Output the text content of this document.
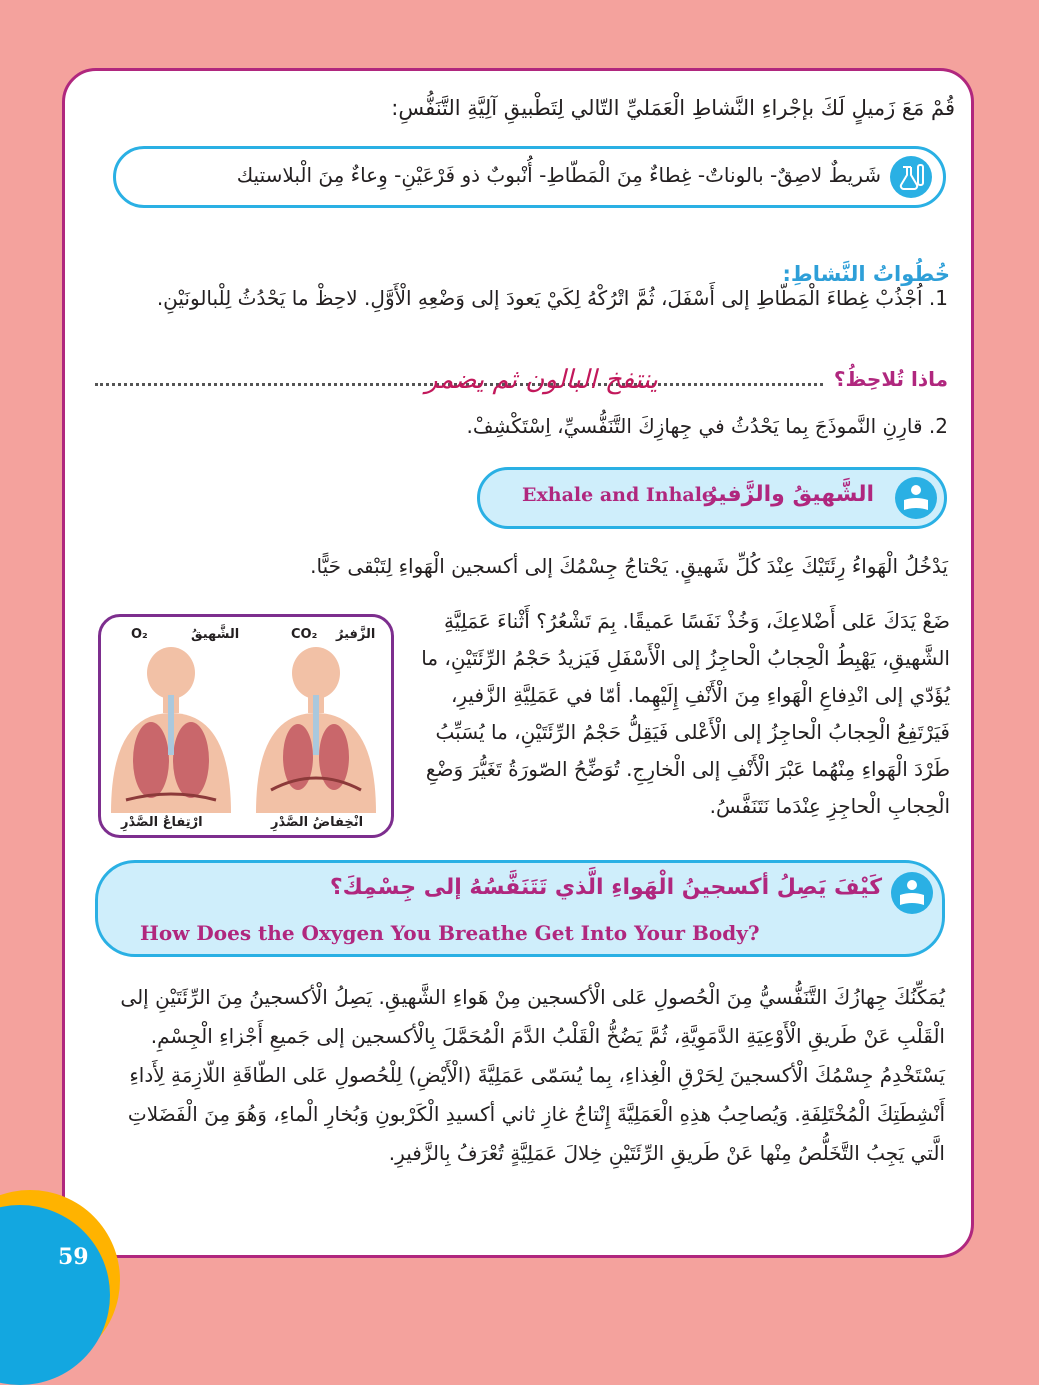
قُمْ مَعَ زَميلٍ لَكَ بإجْراءِ النَّشاطِ الْعَمَليِّ التّالي لِتَطْبيقِ آلِيَّةِ التَّنَفُّسِ:
شَريطٌ لاصِقٌ- بالوناتٌ- غِطاءٌ مِنَ الْمَطّاطِ- أُنْبوبٌ ذو فَرْعَيْنِ- وِعاءٌ مِنَ الْبلاستيك
خُطُواتُ النَّشاطِ:
1. اُجْذُبْ غِطاءَ الْمَطّاطِ إلى أَسْفَلَ، ثُمَّ اتْرُكْهُ لِكَيْ يَعودَ إلى وَضْعِهِ الْأَوَّلِ. لاحِظْ ما يَحْدُثُ لِلْبالونَيْنِ.
ماذا تُلاحِظُ؟
ينتفخ البالون ثم يضمر
2. قارِنِ النَّموذَجَ بِما يَحْدُثُ في جِهازِكَ التَّنَفُّسيِّ، اِسْتَكْشِفْ.
الشَّهيقُ والزَّفيرُ
Exhale and Inhale
يَدْخُلُ الْهَواءُ رِئَتَيْكَ عِنْدَ كُلِّ شَهيقٍ. يَحْتاجُ جِسْمُكَ إلى أكسجين الْهَواءِ لِتَبْقى حَيًّا.
ضَعْ يَدَكَ عَلى أَضْلاعِكَ، وَخُذْ نَفَسًا عَميقًا. بِمَ تَشْعُرُ؟ أَثْناءَ عَمَلِيَّةِ الشَّهيقِ، يَهْبِطُ الْحِجابُ الْحاجِزُ إلى الْأَسْفَلِ فَيَزيدُ حَجْمُ الرِّئَتَيْنِ، ما يُؤَدّي إلى انْدِفاعِ الْهَواءِ مِنَ الْأَنْفِ إِلَيْهِما. أمّا في عَمَلِيَّةِ الزَّفيرِ، فَيَرْتَفِعُ الْحِجابُ الْحاجِزُ إلى الْأَعْلى فَيَقِلُّ حَجْمُ الرِّئَتَيْنِ، ما يُسَبِّبُ طَرْدَ الْهَواءِ مِنْهُما عَبْرَ الْأَنْفِ إلى الْخارِجِ. تُوَضِّحُ الصّورَةُ تَغَيُّرَ وَضْعِ الْحِجابِ الْحاجِزِ عِنْدَما نَتَنَفَّسُ.
الشَّهيقُ
O₂	الزَّفيرُ
CO₂
ارْتِفاعُ الصَّدْرِ	انْخِفاضُ الصَّدْرِ
كَيْفَ يَصِلُ أكسجينُ الْهَواءِ الَّذي تَتَنَفَّسُهُ إلى جِسْمِكَ؟
How Does the Oxygen You Breathe Get Into Your Body?
يُمَكِّنُكَ جِهازُكَ التَّنَفُّسيُّ مِنَ الْحُصولِ عَلى الْأكسجين مِنْ هَواءِ الشَّهيقِ. يَصِلُ الْأكسجينُ مِنَ الرِّئَتَيْنِ إلى الْقَلْبِ عَنْ طَريقِ الْأَوْعِيَةِ الدَّمَوِيَّةِ، ثُمَّ يَضُخُّ الْقَلْبُ الدَّمَ الْمُحَمَّلَ بِالْأكسجين إلى جَميعِ أَجْزاءِ الْجِسْمِ. يَسْتَخْدِمُ جِسْمُكَ الْأكسجينَ لِحَرْقِ الْغِذاءِ، بِما يُسَمّى عَمَلِيَّةَ (الْأَيْضِ) لِلْحُصولِ عَلى الطّاقَةِ اللّازِمَةِ لِأَداءِ أَنْشِطَتِكَ الْمُخْتَلِفَةِ. وَيُصاحِبُ هذِهِ الْعَمَلِيَّةَ إِنْتاجُ غازِ ثاني أكسيدِ الْكَرْبونِ وَبُخارِ الْماءِ، وَهُوَ مِنَ الْفَضَلاتِ الَّتي يَجِبُ التَّخَلُّصُ مِنْها عَنْ طَريقِ الرِّئَتَيْنِ خِلالَ عَمَلِيَّةٍ تُعْرَفُ بِالزَّفيرِ.
59
